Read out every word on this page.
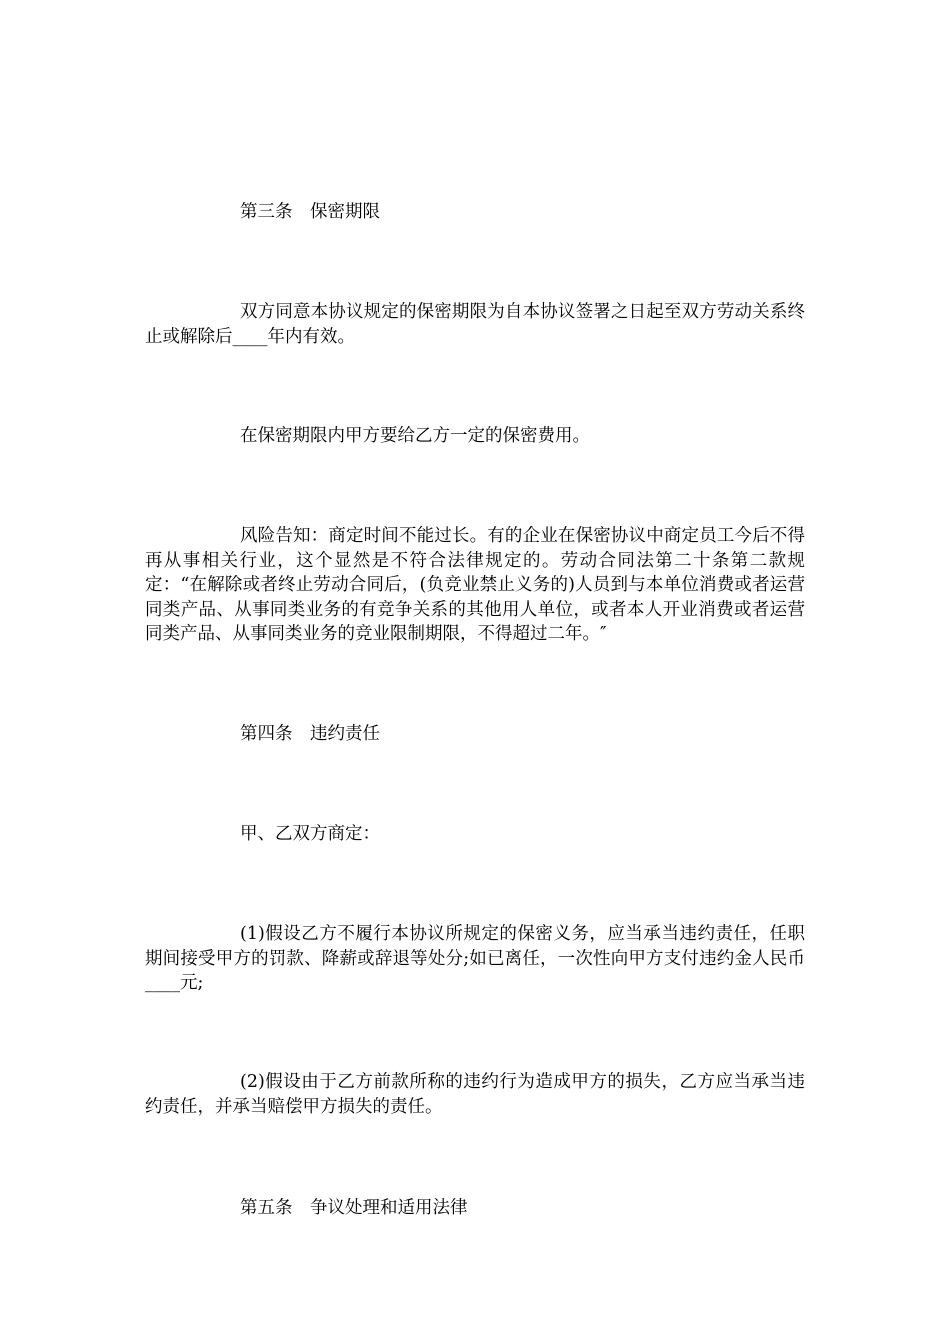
第三条　保密期限

双方同意本协议规定的保密期限为自本协议签署之日起至双方劳动关系终止或解除后____年内有效。

在保密期限内甲方要给乙方一定的保密费用。

风险告知：商定时间不能过长。有的企业在保密协议中商定员工今后不得再从事相关行业，这个显然是不符合法律规定的。劳动合同法第二十条第二款规定：“在解除或者终止劳动合同后，(负竞业禁止义务的)人员到与本单位消费或者运营同类产品、从事同类业务的有竞争关系的其他用人单位，或者本人开业消费或者运营同类产品、从事同类业务的竞业限制期限，不得超过二年。″

第四条　违约责任

甲、乙双方商定：

(1)假设乙方不履行本协议所规定的保密义务，应当承当违约责任，任职期间接受甲方的罚款、降薪或辞退等处分;如已离任，一次性向甲方支付违约金人民币____元;

(2)假设由于乙方前款所称的违约行为造成甲方的损失，乙方应当承当违约责任，并承当赔偿甲方损失的责任。

第五条　争议处理和适用法律
